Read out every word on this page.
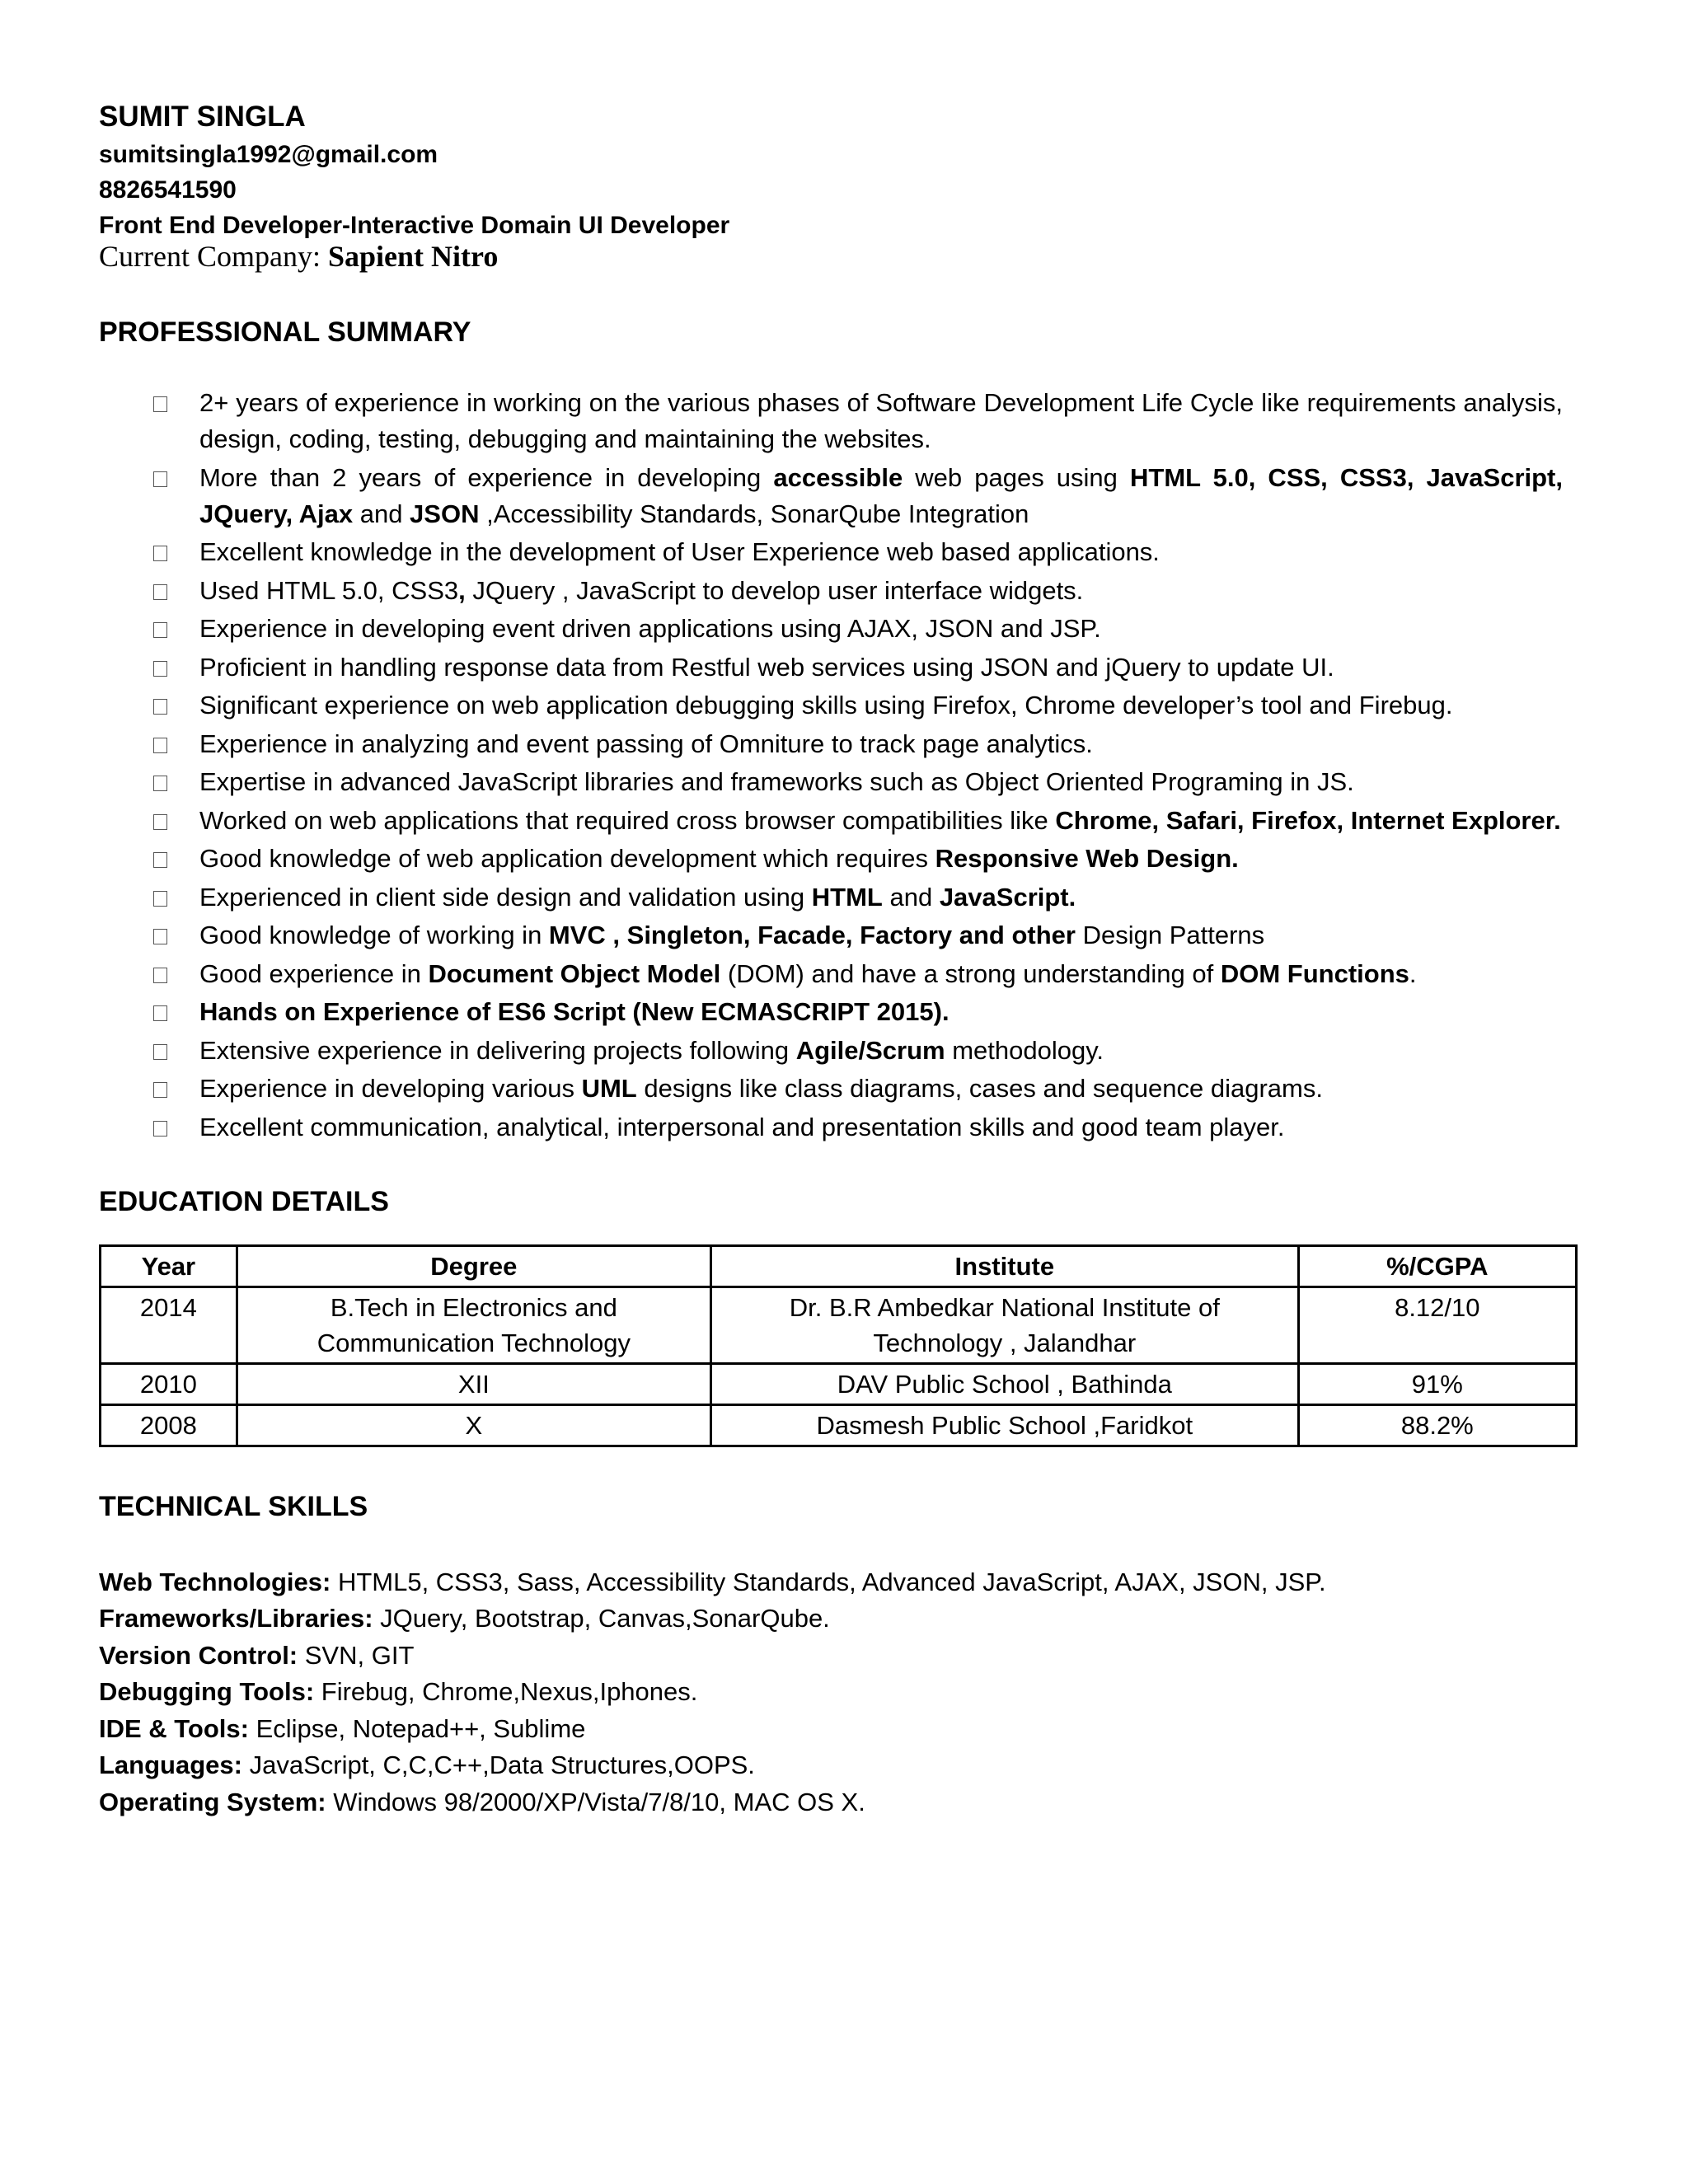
SUMIT SINGLA
sumitsingla1992@gmail.com
8826541590
Front End Developer-Interactive Domain UI Developer
Current Company: Sapient Nitro
PROFESSIONAL SUMMARY
2+ years of experience in working on the various phases of Software Development Life Cycle like requirements analysis, design, coding, testing, debugging and maintaining the websites.
More than 2 years of experience in developing accessible web pages using HTML 5.0, CSS, CSS3, JavaScript, JQuery, Ajax and JSON ,Accessibility Standards, SonarQube Integration
Excellent knowledge in the development of User Experience web based applications.
Used HTML 5.0, CSS3, JQuery , JavaScript to develop user interface widgets.
Experience in developing event driven applications using AJAX, JSON and JSP.
Proficient in handling response data from Restful web services using JSON and jQuery to update UI.
Significant experience on web application debugging skills using Firefox, Chrome developer’s tool and Firebug.
Experience in analyzing and event passing of Omniture to track page analytics.
Expertise in advanced JavaScript libraries and frameworks such as Object Oriented Programing in JS.
Worked on web applications that required cross browser compatibilities like Chrome, Safari, Firefox, Internet Explorer.
Good knowledge of web application development which requires Responsive Web Design.
Experienced in client side design and validation using HTML and JavaScript.
Good knowledge of working in MVC , Singleton, Facade, Factory and other Design Patterns
Good experience in Document Object Model (DOM) and have a strong understanding of DOM Functions.
Hands on Experience of ES6 Script (New ECMASCRIPT 2015).
Extensive experience in delivering projects following Agile/Scrum methodology.
Experience in developing various UML designs like class diagrams, cases and sequence diagrams.
Excellent communication, analytical, interpersonal and presentation skills and good team player.
EDUCATION DETAILS
Year	Degree	Institute	%/CGPA
2014	B.Tech in Electronics and Communication Technology	Dr. B.R Ambedkar National Institute of Technology , Jalandhar	8.12/10
2010	XII	DAV Public School , Bathinda	91%
2008	X	Dasmesh Public School ,Faridkot	88.2%
TECHNICAL SKILLS
Web Technologies: HTML5, CSS3, Sass, Accessibility Standards, Advanced JavaScript, AJAX, JSON, JSP.
Frameworks/Libraries: JQuery, Bootstrap, Canvas,SonarQube.
Version Control: SVN, GIT
Debugging Tools: Firebug, Chrome,Nexus,Iphones.
IDE & Tools: Eclipse, Notepad++, Sublime
Languages: JavaScript, C,C,C++,Data Structures,OOPS.
Operating System: Windows 98/2000/XP/Vista/7/8/10, MAC OS X.
